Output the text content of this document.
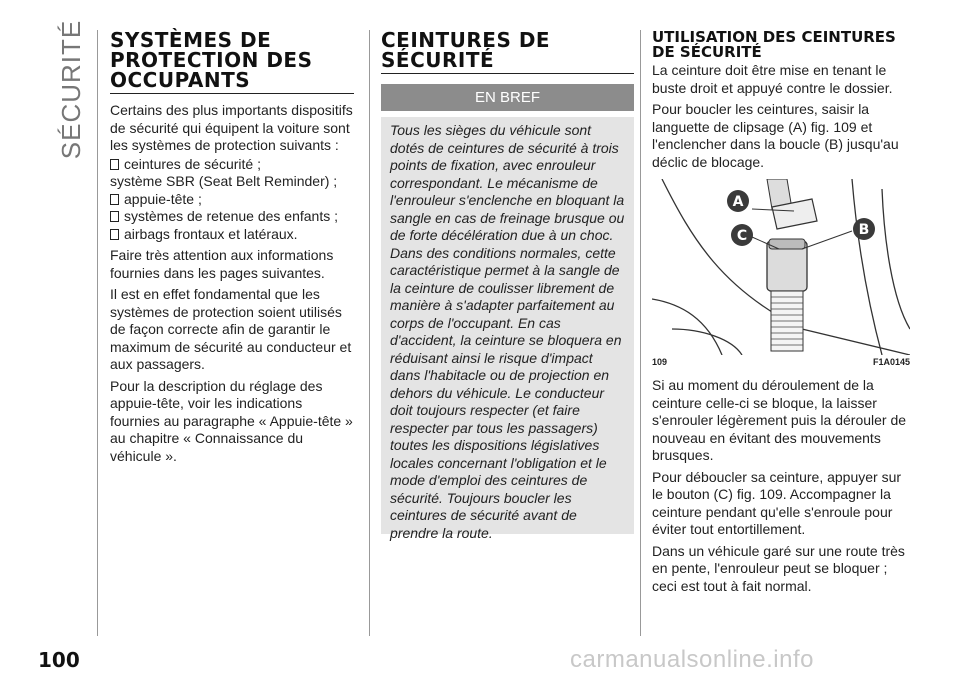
SÉCURITÉ SYSTÈMES DE PROTECTION DES OCCUPANTS

Certains des plus importants dispositifs de sécurité qui équipent la voiture sont les systèmes de protection suivants :

ceintures de sécurité ;
système SBR (Seat Belt Reminder) ;
appuie-tête ;
systèmes de retenue des enfants ;
airbags frontaux et latéraux.

Faire très attention aux informations fournies dans les pages suivantes.

Il est en effet fondamental que les systèmes de protection soient utilisés de façon correcte afin de garantir le maximum de sécurité au conducteur et aux passagers.

Pour la description du réglage des appuie-tête, voir les indications fournies au paragraphe « Appuie-tête » au chapitre « Connaissance du véhicule ».

CEINTURES DE SÉCURITÉ
EN BREF

Tous les sièges du véhicule sont dotés de ceintures de sécurité à trois points de fixation, avec enrouleur correspondant. Le mécanisme de l'enrouleur s'enclenche en bloquant la sangle en cas de freinage brusque ou de forte décélération due à un choc. Dans des conditions normales, cette caractéristique permet à la sangle de la ceinture de coulisser librement de manière à s'adapter parfaitement au corps de l'occupant. En cas d'accident, la ceinture se bloquera en réduisant ainsi le risque d'impact dans l'habitacle ou de projection en dehors du véhicule. Le conducteur doit toujours respecter (et faire respecter par tous les passagers) toutes les dispositions législatives locales concernant l'obligation et le mode d'emploi des ceintures de sécurité. Toujours boucler les ceintures de sécurité avant de prendre la route.

UTILISATION DES CEINTURES DE SÉCURITÉ

La ceinture doit être mise en tenant le buste droit et appuyé contre le dossier.

Pour boucler les ceintures, saisir la languette de clipsage (A) fig. 109 et l'enclencher dans la boucle (B) jusqu'au déclic de blocage.

A
B
C
109	F1A0145

Si au moment du déroulement de la ceinture celle-ci se bloque, la laisser s'enrouler légèrement puis la dérouler de nouveau en évitant des mouvements brusques.

Pour déboucler sa ceinture, appuyer sur le bouton (C) fig. 109. Accompagner la ceinture pendant qu'elle s'enroule pour éviter tout entortillement.

Dans un véhicule garé sur une route très en pente, l'enrouleur peut se bloquer ; ceci est tout à fait normal.

100	carmanualsonline.info
